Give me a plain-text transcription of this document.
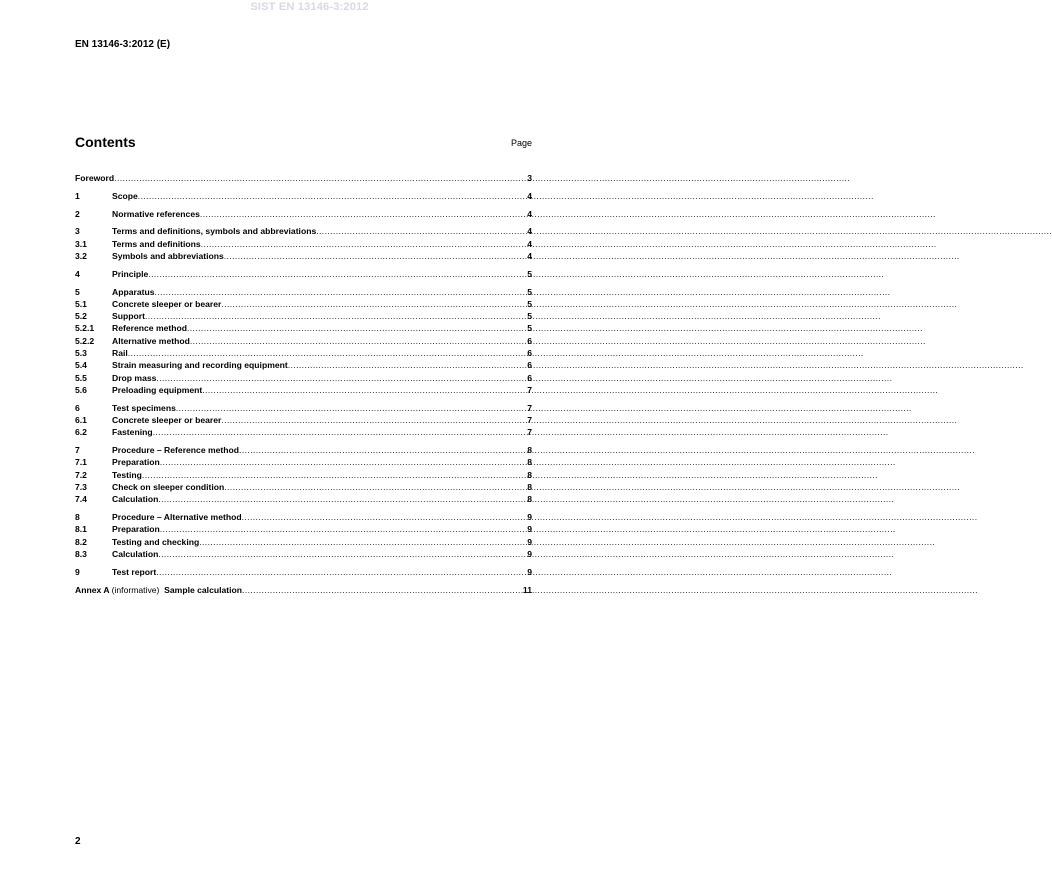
SIST EN 13146-3:2012
EN 13146-3:2012 (E)
Contents	Page
Foreword .....	3
1	Scope .....	4
2	Normative references .....	4
3	Terms and definitions, symbols and abbreviations .....	4
3.1	Terms and definitions .....	4
3.2	Symbols and abbreviations .....	4
4	Principle .....	5
5	Apparatus .....	5
5.1	Concrete sleeper or bearer .....	5
5.2	Support .....	5
5.2.1	Reference method .....	5
5.2.2	Alternative method .....	6
5.3	Rail .....	6
5.4	Strain measuring and recording equipment .....	6
5.5	Drop mass .....	6
5.6	Preloading equipment .....	7
6	Test specimens .....	7
6.1	Concrete sleeper or bearer .....	7
6.2	Fastening .....	7
7	Procedure – Reference method .....	8
7.1	Preparation .....	8
7.2	Testing .....	8
7.3	Check on sleeper condition .....	8
7.4	Calculation .....	8
8	Procedure – Alternative method .....	9
8.1	Preparation .....	9
8.2	Testing and checking .....	9
8.3	Calculation .....	9
9	Test report .....	9
Annex A (informative) Sample calculation .....	11
2
